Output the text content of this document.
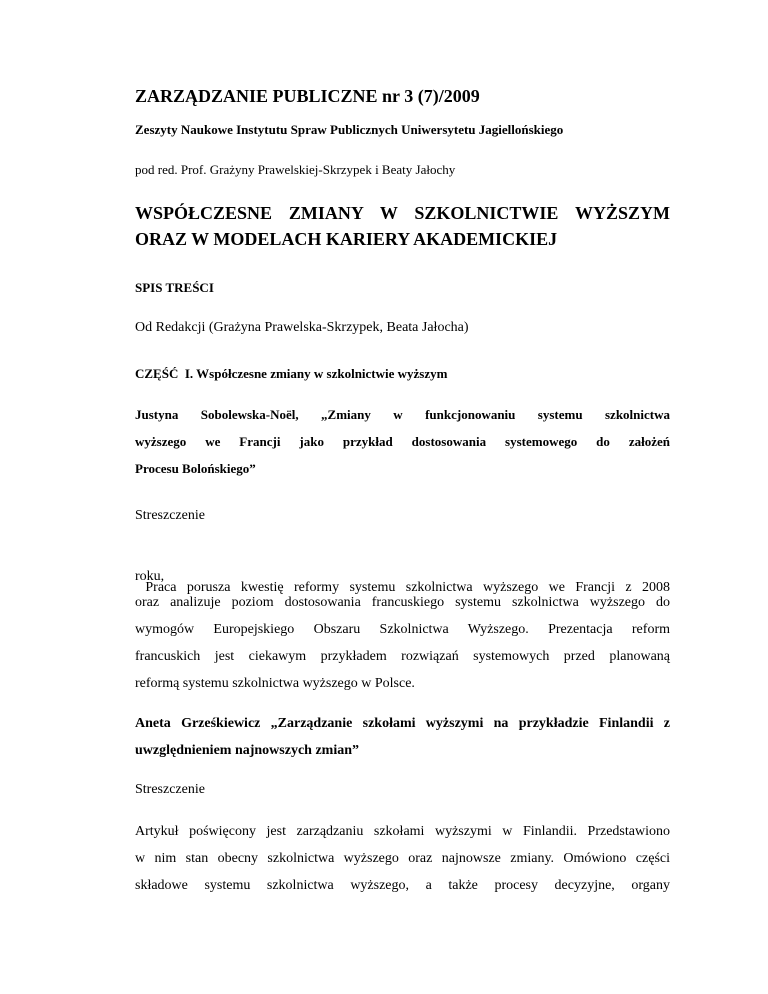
ZARZĄDZANIE PUBLICZNE nr 3 (7)/2009
Zeszyty Naukowe Instytutu Spraw Publicznych Uniwersytetu Jagiellońskiego
pod red. Prof. Grażyny Prawelskiej-Skrzypek i Beaty Jałochy
WSPÓŁCZESNE ZMIANY W SZKOLNICTWIE WYŻSZYM
ORAZ W MODELACH KARIERY AKADEMICKIEJ
SPIS TREŚCI
Od Redakcji (Grażyna Prawelska-Skrzypek, Beata Jałocha)
CZĘŚĆ  I. Współczesne zmiany w szkolnictwie wyższym
Justyna Sobolewska-Noël, „Zmiany w funkcjonowaniu systemu szkolnictwa
wyższego we Francji jako przykład dostosowania systemowego do założeń
Procesu Bolońskiego”
Streszczenie

Praca porusza kwestię reformy systemu szkolnictwa wyższego we Francji z 2008

roku,
oraz analizuje poziom dostosowania francuskiego systemu szkolnictwa wyższego do
wymogów Europejskiego Obszaru Szkolnictwa Wyższego. Prezentacja reform
francuskich jest ciekawym przykładem rozwiązań systemowych przed planowaną
reformą systemu szkolnictwa wyższego w Polsce.
Aneta Grześkiewicz „Zarządzanie szkołami wyższymi na przykładzie Finlandii z
uwzględnieniem najnowszych zmian”
Streszczenie
Artykuł poświęcony jest zarządzaniu szkołami wyższymi w Finlandii. Przedstawiono
w nim stan obecny szkolnictwa wyższego oraz najnowsze zmiany. Omówiono części
składowe systemu szkolnictwa wyższego, a także procesy decyzyjne, organy
